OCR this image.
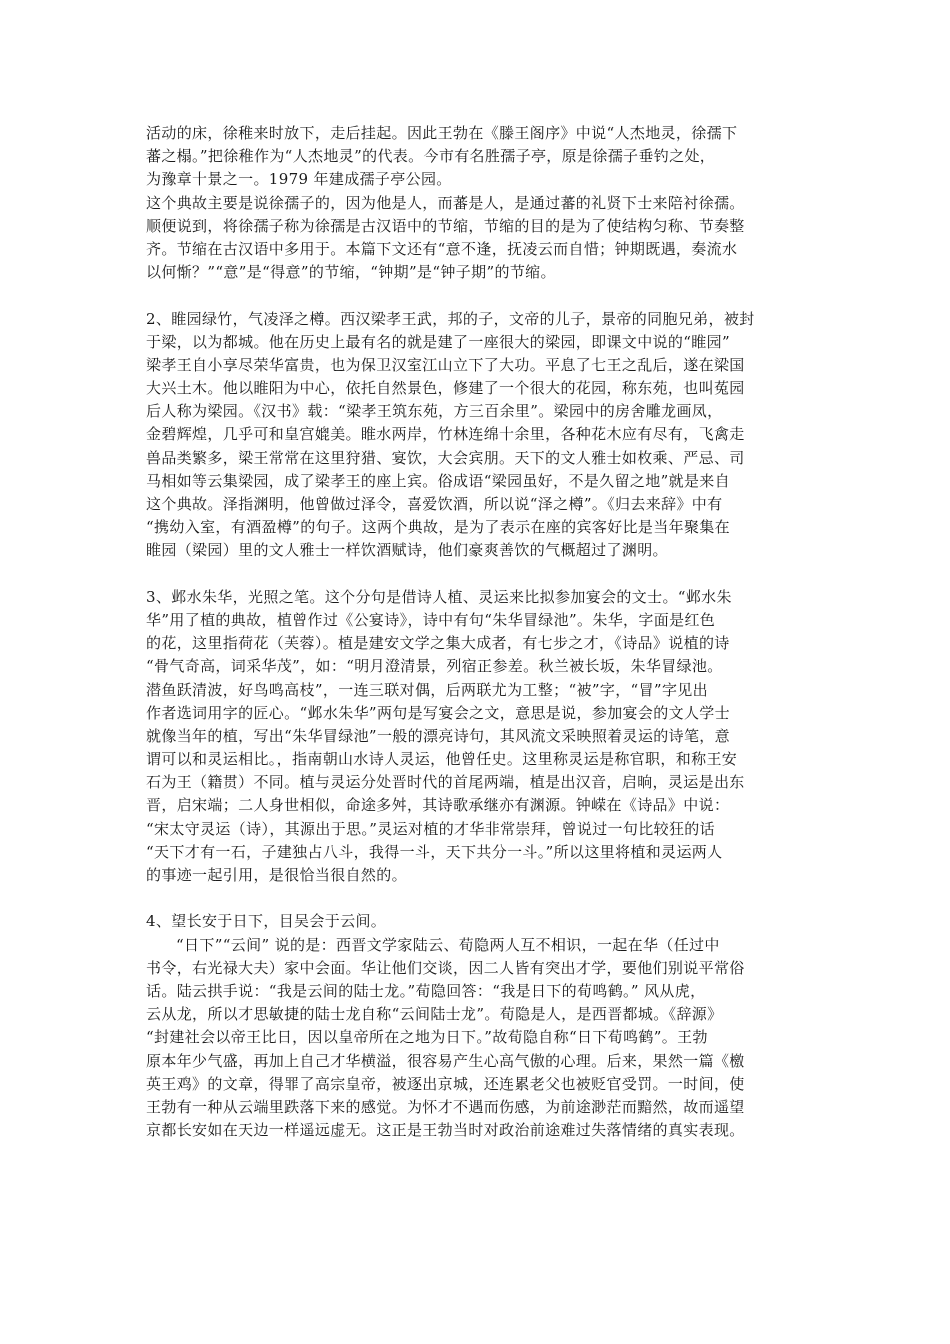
活动的床，徐稚来时放下，走后挂起。因此王勃在《滕王阁序》中说“人杰地灵，徐孺下
蕃之榻。”把徐稚作为“人杰地灵”的代表。今市有名胜孺子亭，原是徐孺子垂钓之处，
为豫章十景之一。1979 年建成孺子亭公园。
这个典故主要是说徐孺子的，因为他是人，而蕃是人，是通过蕃的礼贤下士来陪衬徐孺。
顺便说到，将徐孺子称为徐孺是古汉语中的节缩，节缩的目的是为了使结构匀称、节奏整
齐。节缩在古汉语中多用于。本篇下文还有“意不逢，抚凌云而自惜；钟期既遇，奏流水
以何惭？”“意”是“得意”的节缩，“钟期”是“钟子期”的节缩。
2、睢园绿竹，气凌泽之樽。西汉梁孝王武，邦的子，文帝的儿子，景帝的同胞兄弟，被封
于梁，以为都城。他在历史上最有名的就是建了一座很大的梁园，即课文中说的“睢园”
梁孝王自小享尽荣华富贵，也为保卫汉室江山立下了大功。平息了七王之乱后，遂在梁国
大兴土木。他以睢阳为中心，依托自然景色，修建了一个很大的花园，称东苑，也叫菟园
后人称为梁园。《汉书》载：“梁孝王筑东苑，方三百余里”。梁园中的房舍雕龙画凤，
金碧辉煌，几乎可和皇宫媲美。睢水两岸，竹林连绵十余里，各种花木应有尽有，飞禽走
兽品类繁多，梁王常常在这里狩猎、宴饮，大会宾朋。天下的文人雅士如枚乘、严忌、司
马相如等云集梁园，成了梁孝王的座上宾。俗成语“梁园虽好，不是久留之地”就是来自
这个典故。泽指渊明，他曾做过泽令，喜爱饮酒，所以说“泽之樽”。《归去来辞》中有
“携幼入室，有酒盈樽”的句子。这两个典故，是为了表示在座的宾客好比是当年聚集在
睢园（梁园）里的文人雅士一样饮酒赋诗，他们豪爽善饮的气概超过了渊明。
3、邺水朱华，光照之笔。这个分句是借诗人植、灵运来比拟参加宴会的文士。“邺水朱
华”用了植的典故，植曾作过《公宴诗》，诗中有句“朱华冒绿池”。朱华，字面是红色
的花，这里指荷花（芙蓉）。植是建安文学之集大成者，有七步之才，《诗品》说植的诗
“骨气奇高，词采华茂”，如：“明月澄清景，列宿正参差。秋兰被长坂，朱华冒绿池。
潜鱼跃清波，好鸟鸣高枝”，一连三联对偶，后两联尤为工整；“被”字，“冒”字见出
作者选词用字的匠心。“邺水朱华”两句是写宴会之文，意思是说，参加宴会的文人学士
就像当年的植，写出“朱华冒绿池”一般的漂亮诗句，其风流文采映照着灵运的诗笔，意
谓可以和灵运相比。，指南朝山水诗人灵运，他曾任史。这里称灵运是称官职，和称王安
石为王（籍贯）不同。植与灵运分处晋时代的首尾两端，植是出汉音，启晌，灵运是出东
晋，启宋端；二人身世相似，命途多舛，其诗歌承继亦有渊源。钟嵘在《诗品》中说：
“宋太守灵运（诗），其源出于思。”灵运对植的才华非常崇拜，曾说过一句比较狂的话
“天下才有一石，子建独占八斗，我得一斗，天下共分一斗。”所以这里将植和灵运两人
的事迹一起引用，是很恰当很自然的。
4、望长安于日下，目吴会于云间。
“日下”“云间” 说的是：西晋文学家陆云、荀隐两人互不相识，一起在华（任过中
书令，右光禄大夫）家中会面。华让他们交谈，因二人皆有突出才学，要他们别说平常俗
话。陆云拱手说：“我是云间的陆士龙。”荀隐回答：“我是日下的荀鸣鹤。” 风从虎，
云从龙，所以才思敏捷的陆士龙自称“云间陆士龙”。荀隐是人，是西晋都城。《辞源》
“封建社会以帝王比日，因以皇帝所在之地为日下。”故荀隐自称“日下荀鸣鹤”。王勃
原本年少气盛，再加上自己才华横溢，很容易产生心高气傲的心理。后来，果然一篇《檄
英王鸡》的文章，得罪了高宗皇帝，被逐出京城，还连累老父也被贬官受罚。一时间，使
王勃有一种从云端里跌落下来的感觉。为怀才不遇而伤感，为前途渺茫而黯然，故而遥望
京都长安如在天边一样遥远虚无。这正是王勃当时对政治前途难过失落情绪的真实表现。
